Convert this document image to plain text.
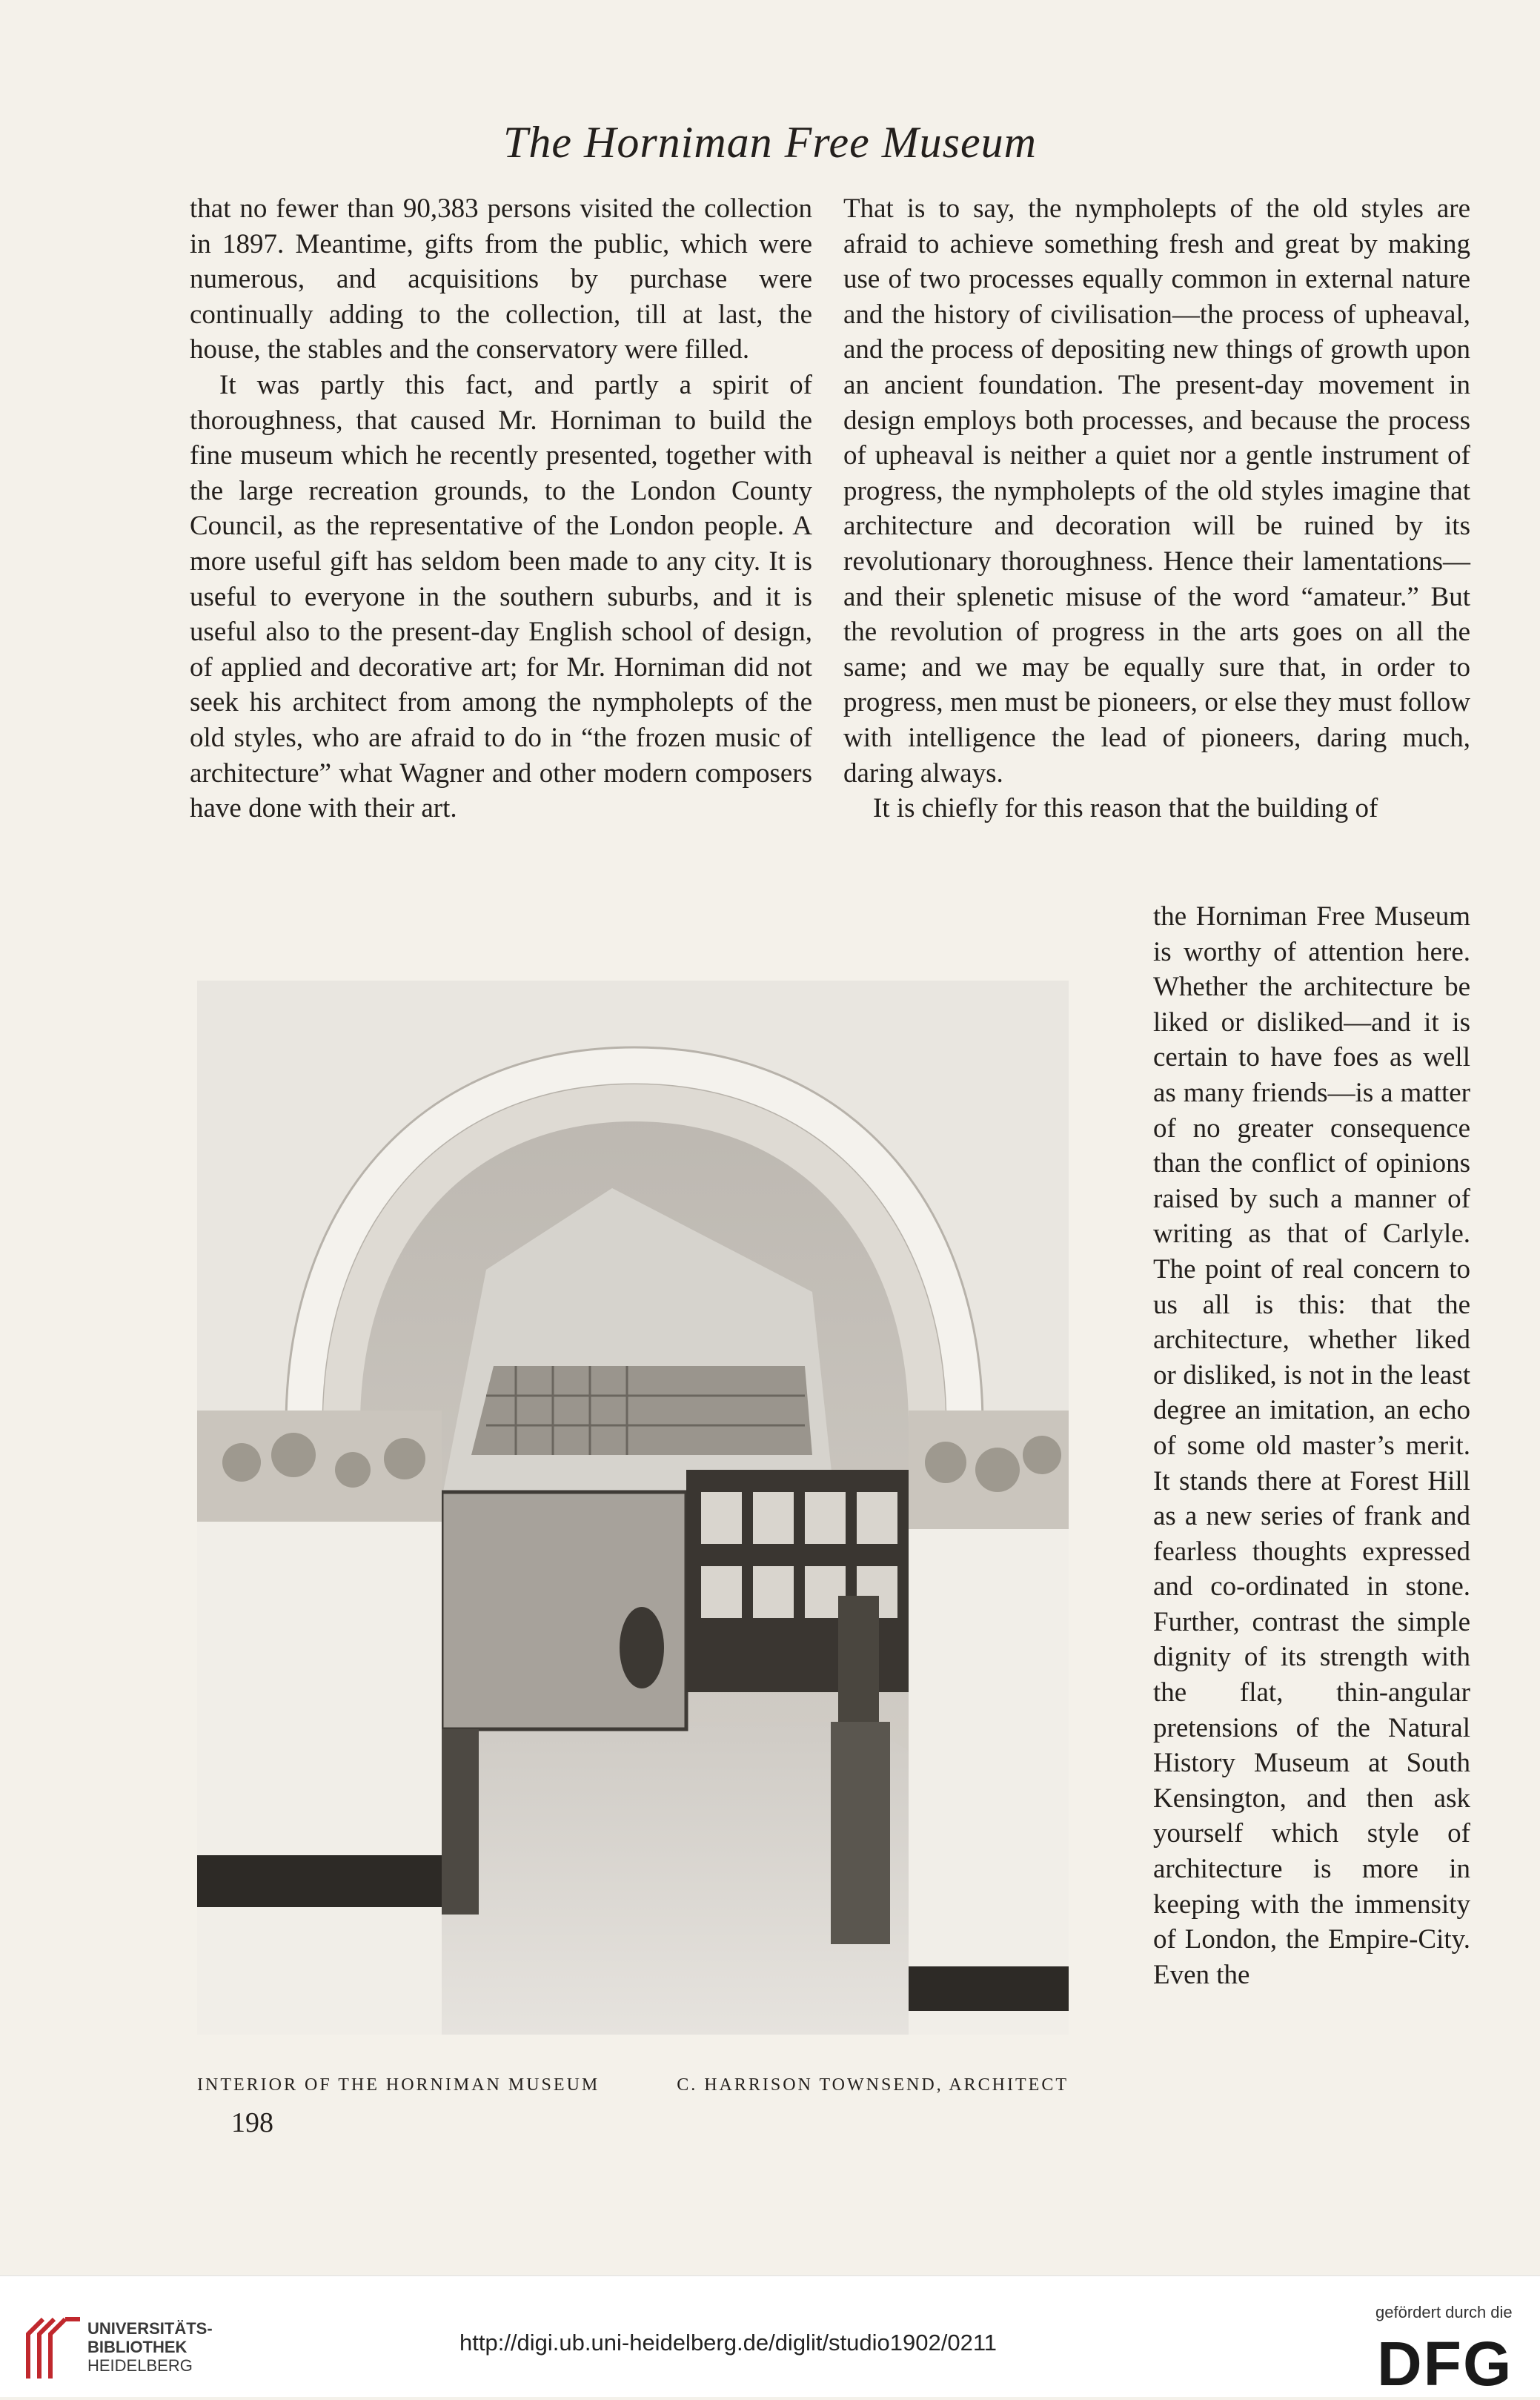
The Horniman Free Museum

that no fewer than 90,383 persons visited the collection in 1897. Meantime, gifts from the public, which were numerous, and acquisitions by purchase were continually adding to the collection, till at last, the house, the stables and the conservatory were filled.

It was partly this fact, and partly a spirit of thoroughness, that caused Mr. Horniman to build the fine museum which he recently presented, together with the large recreation grounds, to the London County Council, as the representative of the London people. A more useful gift has seldom been made to any city. It is useful to everyone in the southern suburbs, and it is useful also to the present-day English school of design, of applied and decorative art; for Mr. Horniman did not seek his architect from among the nympholepts of the old styles, who are afraid to do in “the frozen music of architecture” what Wagner and other modern composers have done with their art.

That is to say, the nympholepts of the old styles are afraid to achieve something fresh and great by making use of two processes equally common in external nature and the history of civilisation—the process of upheaval, and the process of depositing new things of growth upon an ancient foundation. The present-day movement in design employs both processes, and because the process of upheaval is neither a quiet nor a gentle instrument of progress, the nympholepts of the old styles imagine that architecture and decoration will be ruined by its revolutionary thoroughness. Hence their lamentations—and their splenetic misuse of the word “amateur.” But the revolution of progress in the arts goes on all the same; and we may be equally sure that, in order to progress, men must be pioneers, or else they must follow with intelligence the lead of pioneers, daring much, daring always.

It is chiefly for this reason that the building of

the Horniman Free Museum is worthy of attention here. Whether the architecture be liked or disliked—and it is certain to have foes as well as many friends—is a matter of no greater consequence than the conflict of opinions raised by such a manner of writing as that of Carlyle. The point of real concern to us all is this: that the architecture, whether liked or disliked, is not in the least degree an imitation, an echo of some old master’s merit. It stands there at Forest Hill as a new series of frank and fearless thoughts expressed and co-ordinated in stone. Further, contrast the simple dignity of its strength with the flat, thin-angular pretensions of the Natural History Museum at South Kensington, and then ask yourself which style of architecture is more in keeping with the immensity of London, the Empire-City. Even the

INTERIOR OF THE HORNIMAN MUSEUM	C. HARRISON TOWNSEND, ARCHITECT
198
UNIVERSITÄTS-
BIBLIOTHEK
HEIDELBERG
http://digi.ub.uni-heidelberg.de/diglit/studio1902/0211
gefördert durch die
DFG
